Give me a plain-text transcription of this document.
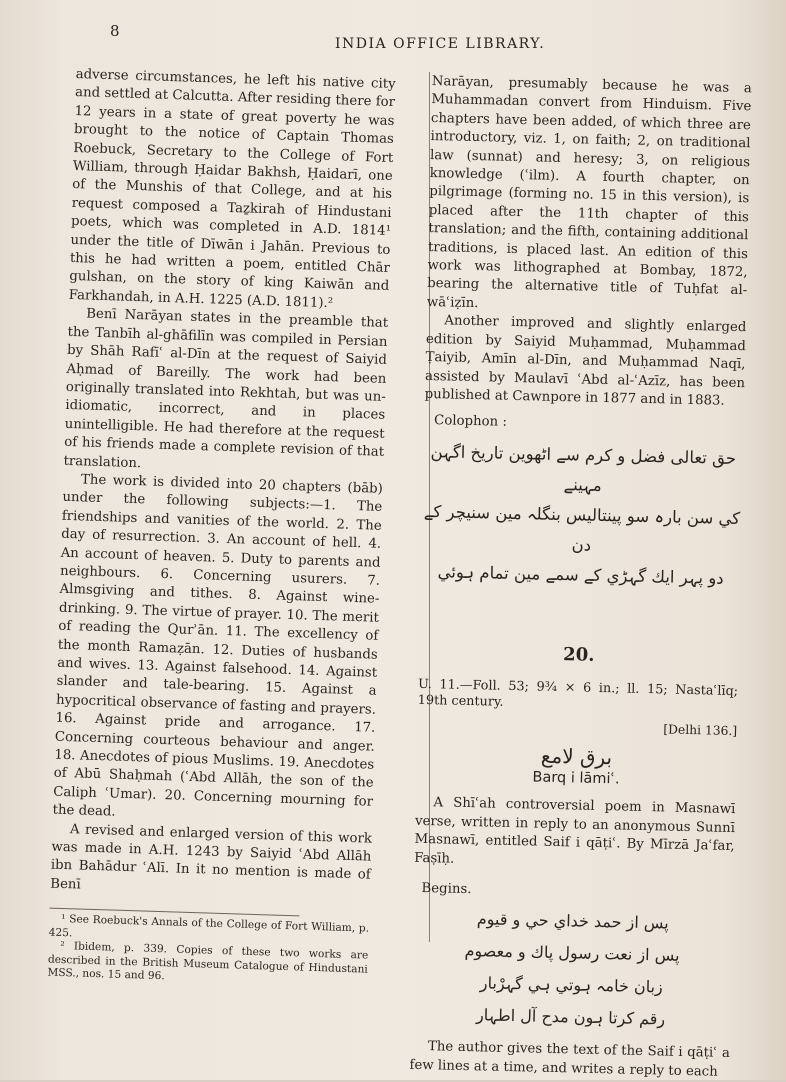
8
INDIA OFFICE LIBRARY.

adverse circumstances, he left his native city and settled at Calcutta. After residing there for 12 years in a state of great poverty he was brought to the notice of Captain Thomas Roebuck, Secretary to the College of Fort William, through Ḥaidar Bakhsh, Ḥaidarī, one of the Munshis of that College, and at his request composed a Taẕkirah of Hindustani poets, which was completed in A.D. 1814¹ under the title of Dīwān i Jahān. Previous to this he had written a poem, entitled Chār gulshan, on the story of king Kaiwān and Farkhandah, in A.H. 1225 (A.D. 1811).²

Benī Narāyan states in the preamble that the Tanbīh al-ghāfilīn was compiled in Persian by Shāh Rafīʿ al-Dīn at the request of Saiyid Aḥmad of Bareilly. The work had been originally translated into Rekhtah, but was un-idiomatic, incorrect, and in places unintelligible. He had therefore at the request of his friends made a complete revision of that translation.

The work is divided into 20 chapters (bāb) under the following subjects:—1. The friendships and vanities of the world. 2. The day of resurrection. 3. An account of hell. 4. An account of heaven. 5. Duty to parents and neighbours. 6. Concerning usurers. 7. Almsgiving and tithes. 8. Against wine-drinking. 9. The virtue of prayer. 10. The merit of reading the Qurʾān. 11. The excellency of the month Ramaẓān. 12. Duties of husbands and wives. 13. Against falsehood. 14. Against slander and tale-bearing. 15. Against a hypocritical observance of fasting and prayers. 16. Against pride and arrogance. 17. Concerning courteous behaviour and anger. 18. Anecdotes of pious Muslims. 19. Anecdotes of Abū Shaḥmah (ʿAbd Allāh, the son of the Caliph ʿUmar). 20. Concerning mourning for the dead.

A revised and enlarged version of this work was made in A.H. 1243 by Saiyid ʿAbd Allāh ibn Bahādur ʿAlī. In it no mention is made of Benī

¹ See Roebuck's Annals of the College of Fort William, p. 425.

² Ibidem, p. 339. Copies of these two works are described in the British Museum Catalogue of Hindustani MSS., nos. 15 and 96.

Narāyan, presumably because he was a Muhammadan convert from Hinduism. Five chapters have been added, of which three are introductory, viz. 1, on faith; 2, on traditional law (sunnat) and heresy; 3, on religious knowledge (ʿilm). A fourth chapter, on pilgrimage (forming no. 15 in this version), is placed after the 11th chapter of this translation; and the fifth, containing additional traditions, is placed last. An edition of this work was lithographed at Bombay, 1872, bearing the alternative title of Tuḥfat al-wāʿiẓīn.

Another improved and slightly enlarged edition by Saiyid Muḥammad, Muḥammad Ṭaiyib, Amīn al-Dīn, and Muḥammad Naqī, assisted by Maulavī ʿAbd al-ʿAzīz, has been published at Cawnpore in 1877 and in 1883.

Colophon :
حق تعالى فضل و كرم سے اٹھوین تاريخ اگہن مہينے
كي سن بارہ سو پينتاليس بنگلہ مين سنيچر كے دن
دو پہر ايك گہڑي كے سمے مين تمام ہوئي
20.

U. 11.—Foll. 53; 9¾ × 6 in.; ll. 15; Nastaʿlīq; 19th century.

[Delhi 136.]
برق لامع
Barq i lāmiʿ.

A Shīʿah controversial poem in Masnawī verse, written in reply to an anonymous Sunnī Masnawī, entitled Saif i qāṭiʿ. By Mīrzā Jaʿfar, Faṣīḥ.

Begins.
پس از حمد خداي حي و قيوم
پس از نعت رسول پاك و معصوم
زبان خامہ ہوتي ہي گہرْبار
رقم كرتا ہون مدح آل اطہار

The author gives the text of the Saif i qāṭiʿ a few lines at a time, and writes a reply to each
